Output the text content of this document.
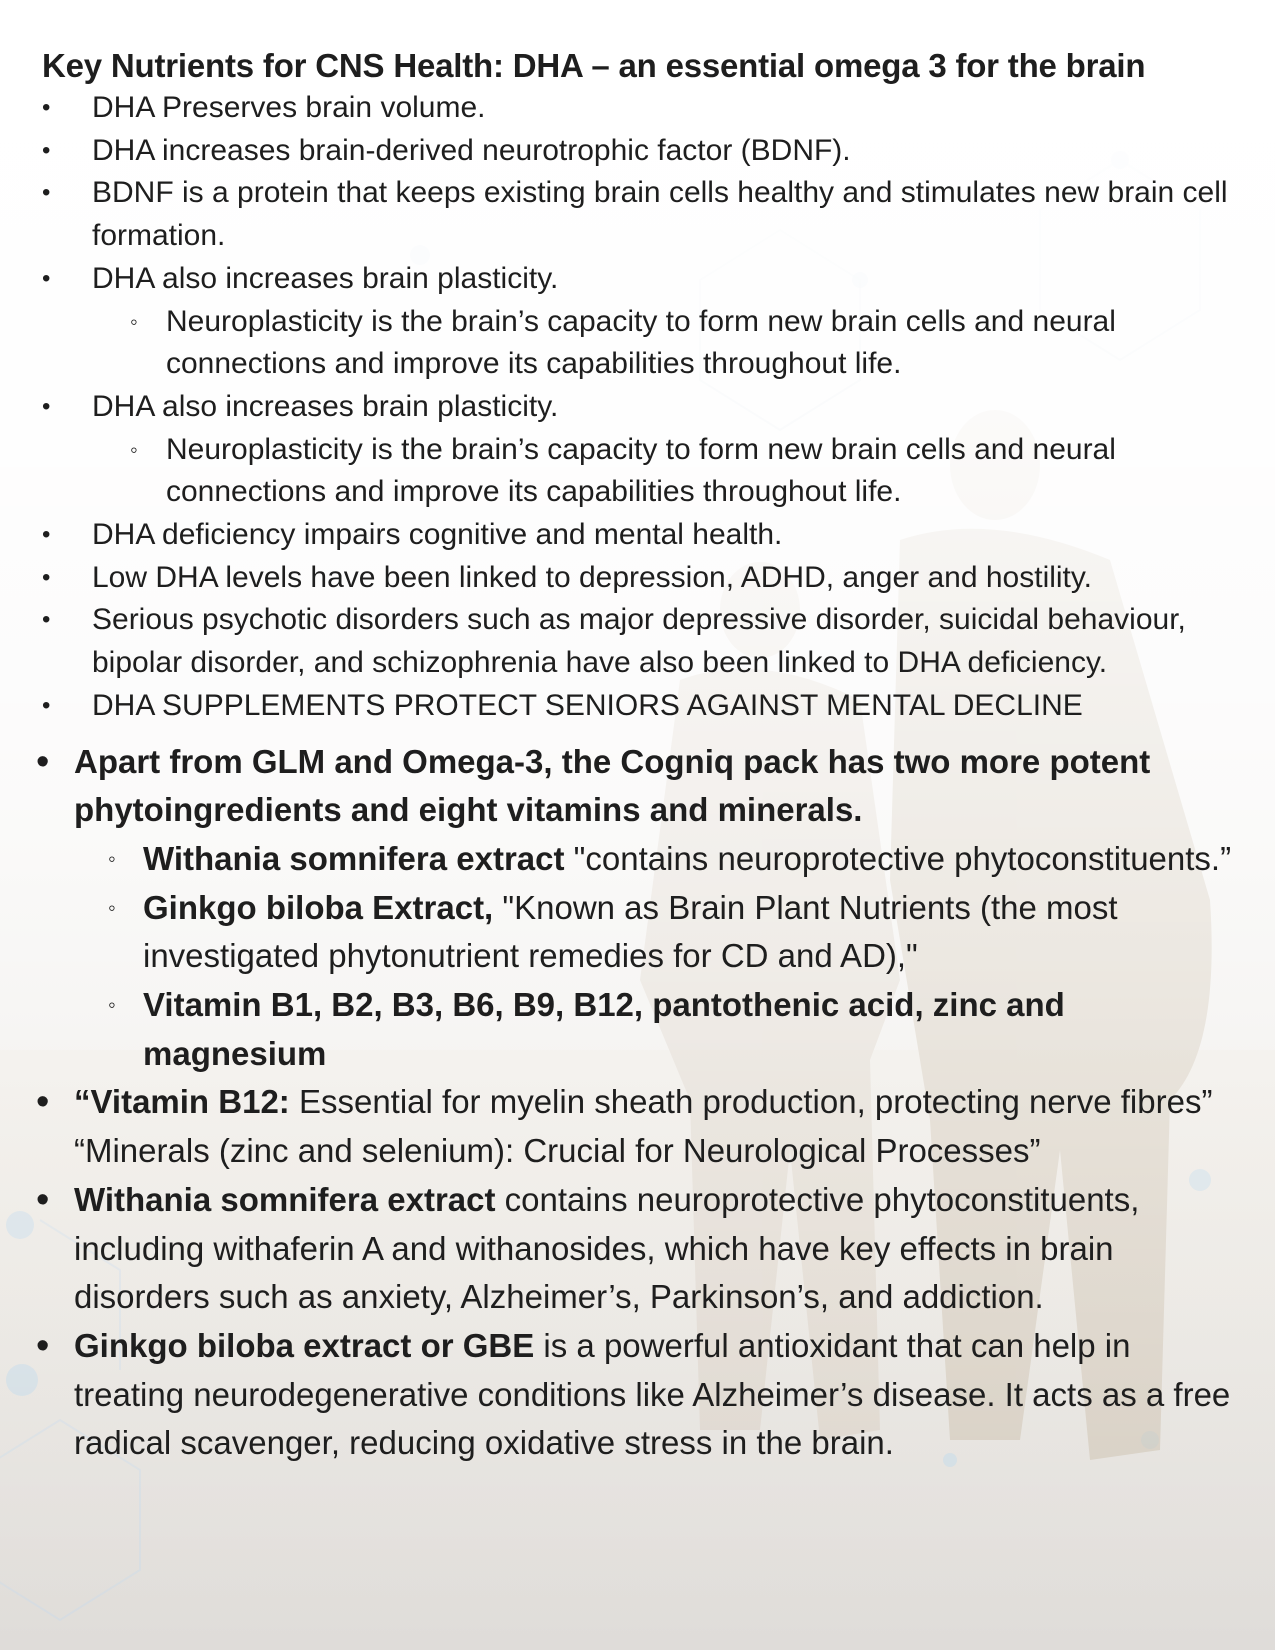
Key Nutrients for CNS Health: DHA – an essential omega 3 for the brain
• DHA Preserves brain volume.
• DHA increases brain-derived neurotrophic factor (BDNF).
• BDNF is a protein that keeps existing brain cells healthy and stimulates new brain cell formation.
• DHA also increases brain plasticity.
◦ Neuroplasticity is the brain’s capacity to form new brain cells and neural connections and improve its capabilities throughout life.
• DHA also increases brain plasticity.
◦ Neuroplasticity is the brain’s capacity to form new brain cells and neural connections and improve its capabilities throughout life.
• DHA deficiency impairs cognitive and mental health.
• Low DHA levels have been linked to depression, ADHD, anger and hostility.
• Serious psychotic disorders such as major depressive disorder, suicidal behaviour, bipolar disorder, and schizophrenia have also been linked to DHA deficiency.
• DHA SUPPLEMENTS PROTECT SENIORS AGAINST MENTAL DECLINE
• Apart from GLM and Omega-3, the Cogniq pack has two more potent phytoingredients and eight vitamins and minerals.
◦ Withania somnifera extract "contains neuroprotective phytoconstituents.”
◦ Ginkgo biloba Extract, "Known as Brain Plant Nutrients (the most investigated phytonutrient remedies for CD and AD),"
◦ Vitamin B1, B2, B3, B6, B9, B12, pantothenic acid, zinc and magnesium
• “Vitamin B12: Essential for myelin sheath production, protecting nerve fibres” “Minerals (zinc and selenium): Crucial for Neurological Processes”
• Withania somnifera extract contains neuroprotective phytoconstituents, including withaferin A and withanosides, which have key effects in brain disorders such as anxiety, Alzheimer’s, Parkinson’s, and addiction.
• Ginkgo biloba extract or GBE is a powerful antioxidant that can help in treating neurodegenerative conditions like Alzheimer’s disease. It acts as a free radical scavenger, reducing oxidative stress in the brain.
